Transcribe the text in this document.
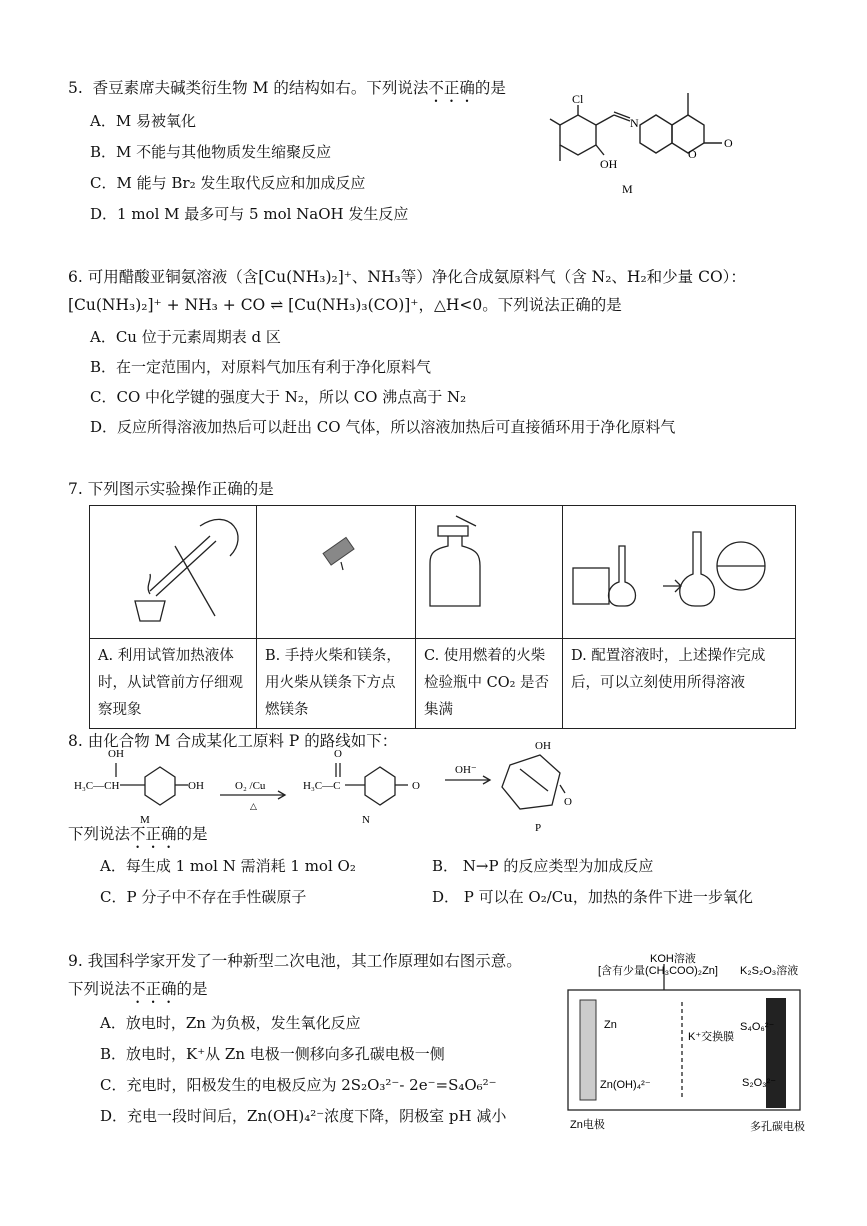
5. 香豆素席夫碱类衍生物 M 的结构如右。下列说法不正确的是
A．M 易被氧化
B．M 不能与其他物质发生缩聚反应
C．M 能与 Br₂ 发生取代反应和加成反应
D．1 mol M 最多可与 5 mol NaOH 发生反应
Cl
N
OH
O
O
M
6. 可用醋酸亚铜氨溶液（含[Cu(NH₃)₂]⁺、NH₃等）净化合成氨原料气（含 N₂、H₂和少量 CO）：
[Cu(NH₃)₂]⁺ + NH₃ + CO ⇌ [Cu(NH₃)₃(CO)]⁺，△H<0。下列说法正确的是
A．Cu 位于元素周期表 d 区
B．在一定范围内，对原料气加压有利于净化原料气
C．CO 中化学键的强度大于 N₂，所以 CO 沸点高于 N₂
D．反应所得溶液加热后可以赶出 CO 气体，所以溶液加热后可直接循环用于净化原料气
7. 下列图示实验操作正确的是

A. 利用试管加热液体时，从试管前方仔细观察现象	B. 手持火柴和镁条，用火柴从镁条下方点燃镁条	C. 使用燃着的火柴检验瓶中 CO₂ 是否集满	D. 配置溶液时，上述操作完成后，可以立刻使用所得溶液
8. 由化合物 M 合成某化工原料 P 的路线如下：
OH
H₃C—CH	OH
M
O₂ /Cu
△
H₃C—C
O
O
N
OH⁻
OH
O
P
下列说法不正确的是
A．每生成 1 mol N 需消耗 1 mol O₂	B． N→P 的反应类型为加成反应
C．P 分子中不存在手性碳原子	D． P 可以在 O₂/Cu，加热的条件下进一步氧化
9. 我国科学家开发了一种新型二次电池，其工作原理如右图示意。
下列说法不正确的是
A．放电时，Zn 为负极，发生氧化反应
B．放电时，K⁺从 Zn 电极一侧移向多孔碳电极一侧
C．充电时，阳极发生的电极反应为 2S₂O₃²⁻- 2e⁻=S₄O₆²⁻
D．充电一段时间后，Zn(OH)₄²⁻浓度下降，阴极室 pH 减小
KOH溶液
[含有少量(CH₃COO)₂Zn] K₂S₂O₃溶液
Zn
Zn(OH)₄²⁻
K⁺交换膜
S₄O₆²⁻
S₂O₃²⁻
Zn电极	多孔碳电极
